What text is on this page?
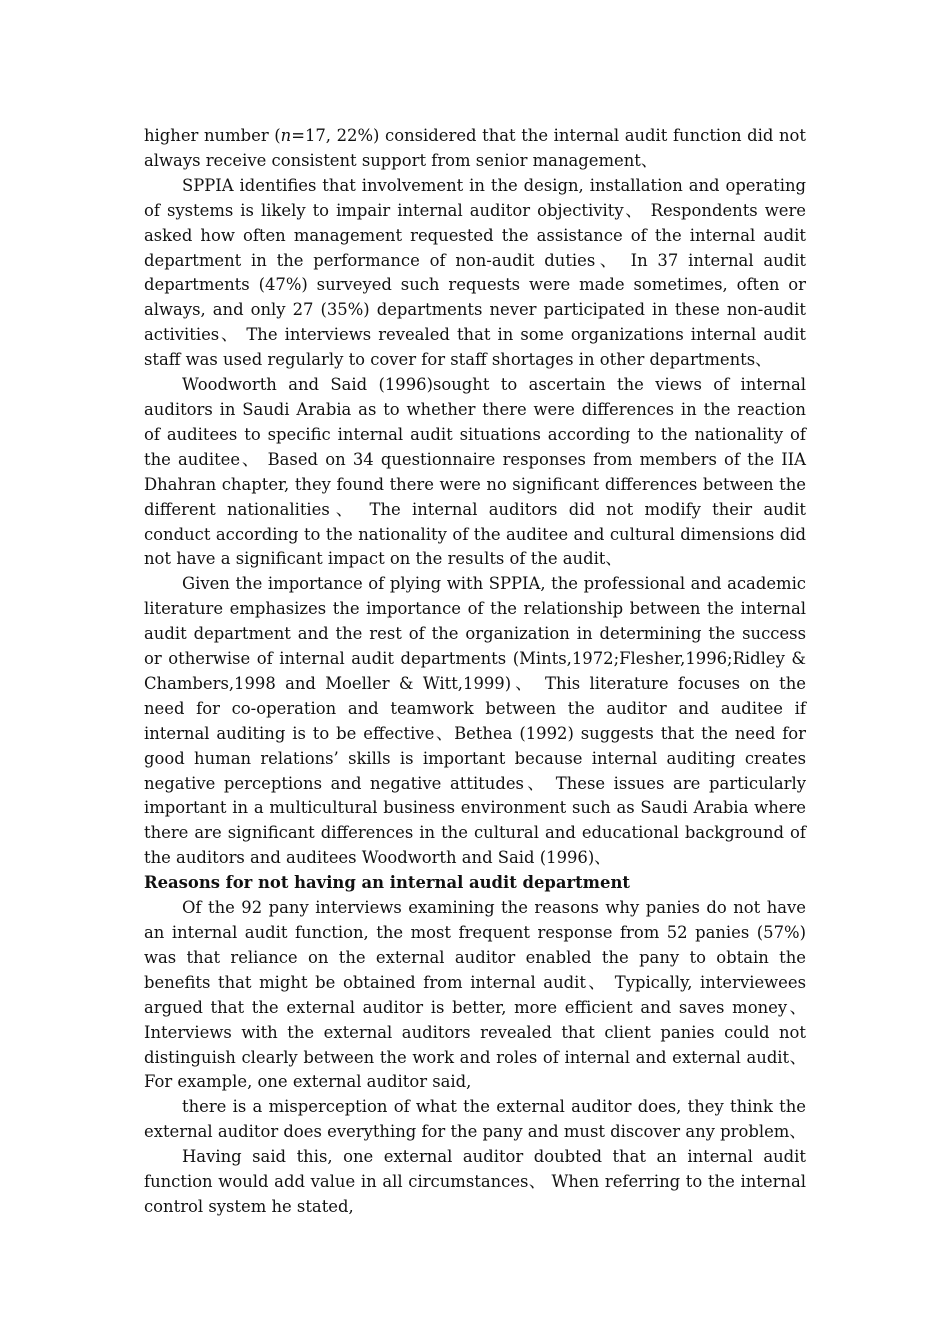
higher number (n=17, 22%) considered that the internal audit function did not always receive consistent support from senior management、

SPPIA identifies that involvement in the design, installation and operating of systems is likely to impair internal auditor objectivity、 Respondents were asked how often management requested the assistance of the internal audit department in the performance of non-audit duties、 In 37 internal audit departments (47%) surveyed such requests were made sometimes, often or always, and only 27 (35%) departments never participated in these non-audit activities、 The interviews revealed that in some organizations internal audit staff was used regularly to cover for staff shortages in other departments、

Woodworth and Said (1996)sought to ascertain the views of internal auditors in Saudi Arabia as to whether there were differences in the reaction of auditees to specific internal audit situations according to the nationality of the auditee、 Based on 34 questionnaire responses from members of the IIA Dhahran chapter, they found there were no significant differences between the different nationalities、 The internal auditors did not modify their audit conduct according to the nationality of the auditee and cultural dimensions did not have a significant impact on the results of the audit、

Given the importance of plying with SPPIA, the professional and academic literature emphasizes the importance of the relationship between the internal audit department and the rest of the organization in determining the success or otherwise of internal audit departments (Mints,1972;Flesher,1996;Ridley & Chambers,1998 and Moeller & Witt,1999)、 This literature focuses on the need for co-operation and teamwork between the auditor and auditee if internal auditing is to be effective、Bethea (1992) suggests that the need for good human relations’ skills is important because internal auditing creates negative perceptions and negative attitudes、 These issues are particularly important in a multicultural business environment such as Saudi Arabia where there are significant differences in the cultural and educational background of the auditors and auditees Woodworth and Said (1996)、

Reasons for not having an internal audit department

Of the 92 pany interviews examining the reasons why panies do not have an internal audit function, the most frequent response from 52 panies (57%) was that reliance on the external auditor enabled the pany to obtain the benefits that might be obtained from internal audit、 Typically, interviewees argued that the external auditor is better, more efficient and saves money、 Interviews with the external auditors revealed that client panies could not distinguish clearly between the work and roles of internal and external audit、 For example, one external auditor said,

there is a misperception of what the external auditor does, they think the external auditor does everything for the pany and must discover any problem、

Having said this, one external auditor doubted that an internal audit function would add value in all circumstances、 When referring to the internal control system he stated,
